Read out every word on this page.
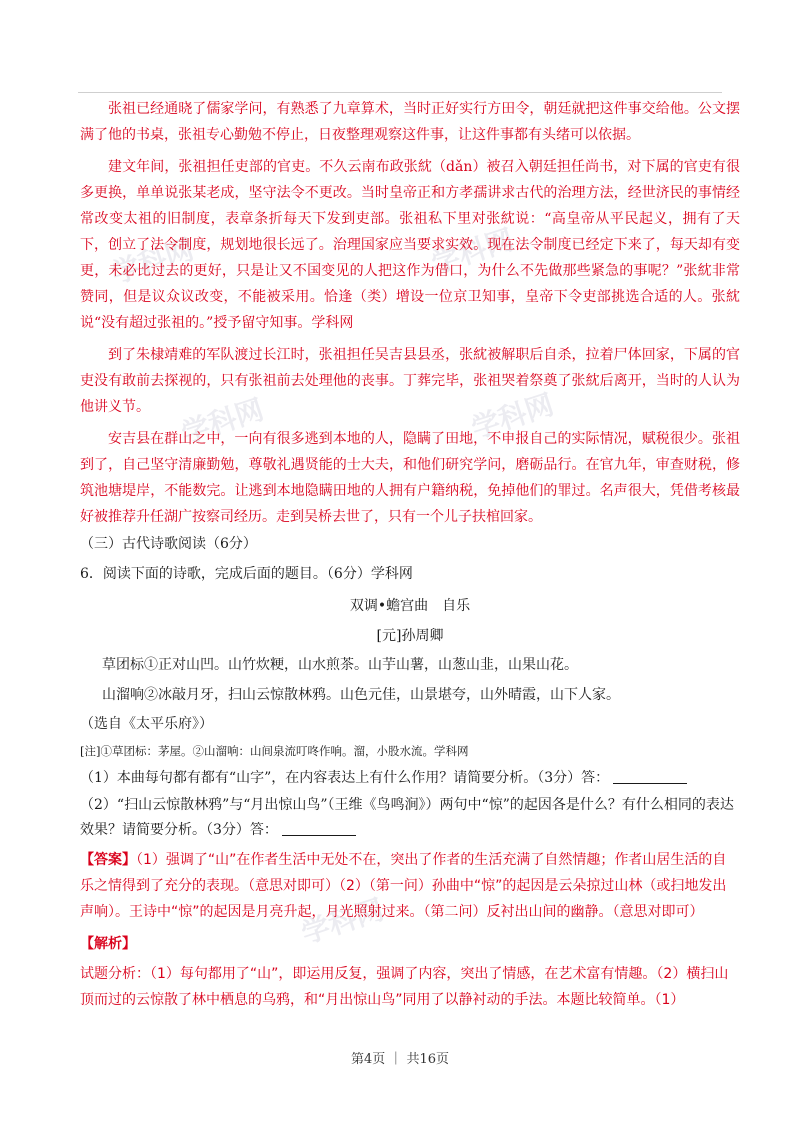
学科网	学科网
学科网	学科网
学科网

张祖已经通晓了儒家学问，有熟悉了九章算术，当时正好实行方田令，朝廷就把这件事交给他。公文摆满了他的书桌，张祖专心勤勉不停止，日夜整理观察这件事，让这件事都有头绪可以依据。

建文年间，张祖担任吏部的官吏。不久云南布政张紞（dǎn）被召入朝廷担任尚书，对下属的官吏有很多更换，单单说张某老成，坚守法令不更改。当时皇帝正和方孝孺讲求古代的治理方法，经世济民的事情经常改变太祖的旧制度，表章条折每天下发到吏部。张祖私下里对张紞说：“高皇帝从平民起义，拥有了天下，创立了法令制度，规划地很长远了。治理国家应当要求实效。现在法令制度已经定下来了，每天却有变更，未必比过去的更好，只是让又不国变见的人把这作为借口，为什么不先做那些紧急的事呢？”张紞非常赞同，但是议众议改变，不能被采用。恰逢（类）增设一位京卫知事，皇帝下令吏部挑选合适的人。张紞说“没有超过张祖的。”授予留守知事。学科网

到了朱棣靖难的军队渡过长江时，张祖担任吴吉县县丞，张紞被解职后自杀，拉着尸体回家，下属的官吏没有敢前去探视的，只有张祖前去处理他的丧事。丁葬完毕，张祖哭着祭奠了张紞后离开，当时的人认为他讲义节。

安吉县在群山之中，一向有很多逃到本地的人，隐瞒了田地，不申报自己的实际情况，赋税很少。张祖到了，自己坚守清廉勤勉，尊敬礼遇贤能的士大夫，和他们研究学问，磨砺品行。在官九年，审查财税，修筑池塘堤岸，不能数完。让逃到本地隐瞒田地的人拥有户籍纳税，免掉他们的罪过。名声很大，凭借考核最好被推荐升任湖广按察司经历。走到吴桥去世了，只有一个儿子扶棺回家。

（三）古代诗歌阅读（6分）

6．阅读下面的诗歌，完成后面的题目。（6分）学科网

双调•蟾宫曲　自乐

[元]孙周卿

草团标①正对山凹。山竹炊粳，山水煎茶。山芋山薯，山葱山韭，山果山花。

山溜响②冰敲月牙，扫山云惊散林鸦。山色元佳，山景堪夸，山外晴霞，山下人家。

（选自《太平乐府》）

[注]①草团标：茅屋。②山溜响：山间泉流叮咚作响。溜，小股水流。学科网

（1）本曲每句都有都有“山字”，在内容表达上有什么作用？请简要分析。（3分）答：

（2）“扫山云惊散林鸦”与“月出惊山鸟”（王维《鸟鸣涧》）两句中“惊”的起因各是什么？有什么相同的表达效果？请简要分析。（3分）答：

【答案】（1）强调了“山”在作者生活中无处不在，突出了作者的生活充满了自然情趣；作者山居生活的自乐之情得到了充分的表现。（意思对即可）（2）（第一问）孙曲中“惊”的起因是云朵掠过山林（或扫地发出声响）。王诗中“惊”的起因是月亮升起，月光照射过来。（第二问）反衬出山间的幽静。（意思对即可）

【解析】

试题分析：（1）每句都用了“山”，即运用反复，强调了内容，突出了情感，在艺术富有情趣。（2）横扫山顶而过的云惊散了林中栖息的乌鸦，和“月出惊山鸟”同用了以静衬动的手法。本题比较简单。（1）

第4页 ｜ 共16页
